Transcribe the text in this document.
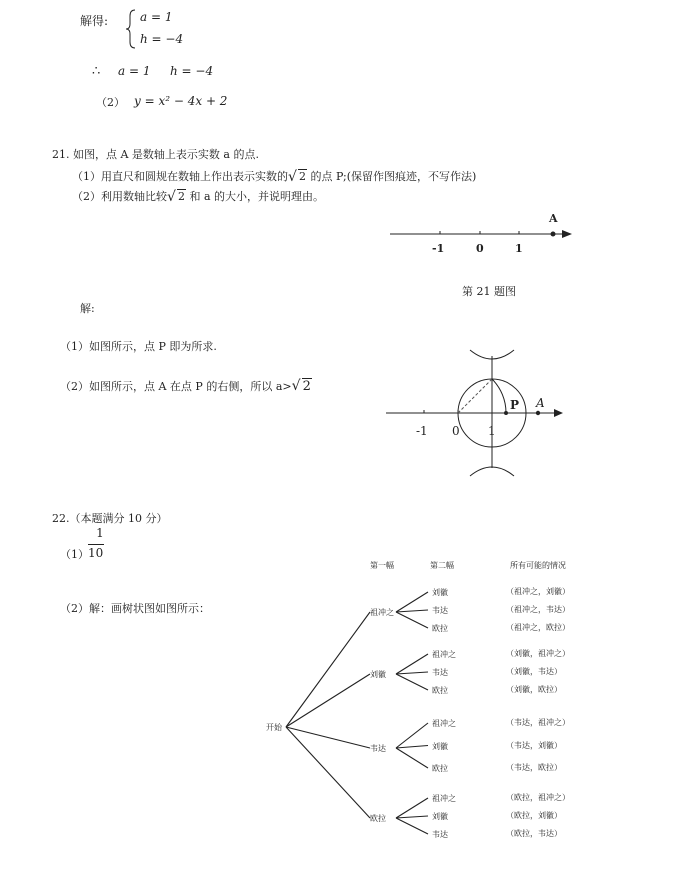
解得:	a = 1
h = −4
∴ a = 1 h = −4
（2） y = x² − 4x + 2
21. 如图，点 A 是数轴上表示实数 a 的点.
（1）用直尺和圆规在数轴上作出表示实数的 √ 2 的点 P;(保留作图痕迹，不写作法)
（2）利用数轴比较 √ 2 和 a 的大小，并说明理由。
-1	0	1
A
第 21 题图
解:
（1）如图所示，点 P 即为所求.
（2）如图所示，点 A 在点 P 的右侧，所以 a> √ 2
-1 0 1
P A
22.（本题满分 10 分）
（1）
1
10
（2）解：画树状图如图所示：
第一幅	第二幅	所有可能的情况
开始
祖冲之
刘徽	（祖冲之，刘徽）
韦达	（祖冲之，韦达）
欧拉	（祖冲之，欧拉）
刘徽
祖冲之	（刘徽，祖冲之）
韦达	（刘徽，韦达）
欧拉	（刘徽，欧拉）
韦达
祖冲之	（韦达，祖冲之）
刘徽	（韦达，刘徽）
欧拉	（韦达，欧拉）
欧拉
祖冲之	（欧拉，祖冲之）
刘徽	（欧拉，刘徽）
韦达	（欧拉，韦达）
